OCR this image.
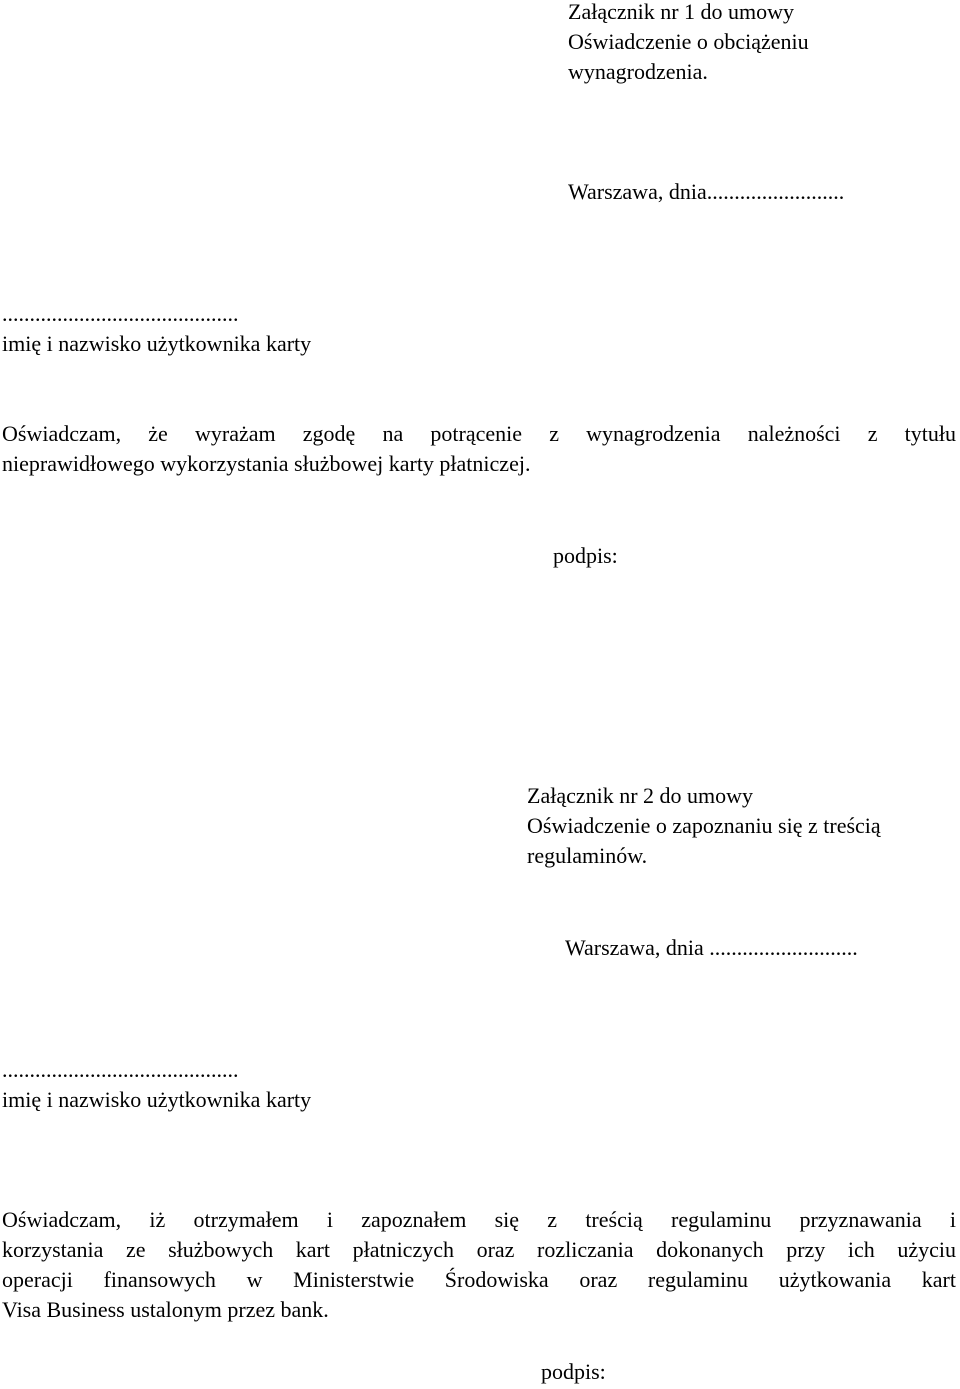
Załącznik nr 1 do umowy
Oświadczenie o obciążeniu
wynagrodzenia.
Warszawa, dnia.........................
...........................................
imię i nazwisko użytkownika karty
Oświadczam, że wyrażam zgodę na potrącenie z wynagrodzenia należności z tytułu
nieprawidłowego wykorzystania służbowej karty płatniczej.
podpis:
Załącznik nr 2 do umowy
Oświadczenie o zapoznaniu się z treścią
regulaminów.
Warszawa, dnia ...........................
...........................................
imię i nazwisko użytkownika karty
Oświadczam, iż otrzymałem i zapoznałem się z treścią regulaminu przyznawania i
korzystania ze służbowych kart płatniczych oraz rozliczania dokonanych przy ich użyciu
operacji finansowych w Ministerstwie Środowiska oraz regulaminu użytkowania kart
Visa Business ustalonym przez bank.
podpis:
